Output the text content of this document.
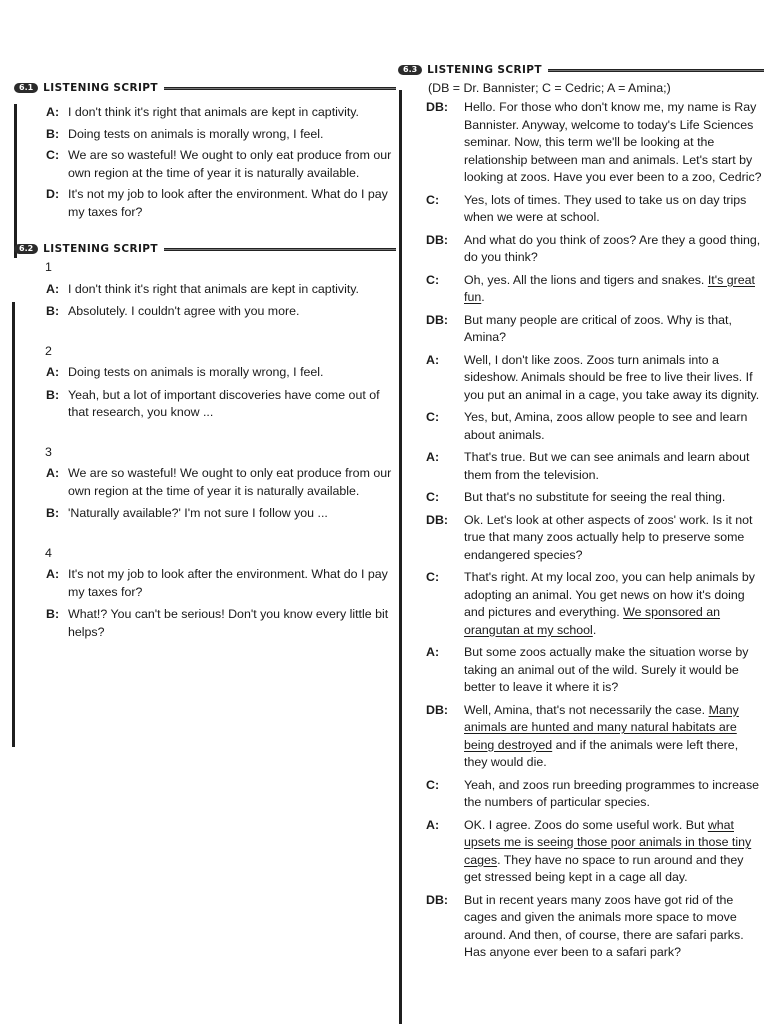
6.1 LISTENING SCRIPT
A: I don't think it's right that animals are kept in captivity.
B: Doing tests on animals is morally wrong, I feel.
C: We are so wasteful! We ought to only eat produce from our own region at the time of year it is naturally available.
D: It's not my job to look after the environment. What do I pay my taxes for?
6.2 LISTENING SCRIPT
1
A: I don't think it's right that animals are kept in captivity.
B: Absolutely. I couldn't agree with you more.
2
A: Doing tests on animals is morally wrong, I feel.
B: Yeah, but a lot of important discoveries have come out of that research, you know ...
3
A: We are so wasteful! We ought to only eat produce from our own region at the time of year it is naturally available.
B: 'Naturally available?' I'm not sure I follow you ...
4
A: It's not my job to look after the environment. What do I pay my taxes for?
B: What!? You can't be serious! Don't you know every little bit helps?
6.3 LISTENING SCRIPT
(DB = Dr. Bannister; C = Cedric; A = Amina;)
DB:	Hello. For those who don't know me, my name is Ray Bannister. Anyway, welcome to today's Life Sciences seminar. Now, this term we'll be looking at the relationship between man and animals. Let's start by looking at zoos. Have you ever been to a zoo, Cedric?
C:	Yes, lots of times. They used to take us on day trips when we were at school.
DB:	And what do you think of zoos? Are they a good thing, do you think?
C:	Oh, yes. All the lions and tigers and snakes. It's great fun.
DB:	But many people are critical of zoos. Why is that, Amina?
A:	Well, I don't like zoos. Zoos turn animals into a sideshow. Animals should be free to live their lives. If you put an animal in a cage, you take away its dignity.
C:	Yes, but, Amina, zoos allow people to see and learn about animals.
A:	That's true. But we can see animals and learn about them from the television.
C:	But that's no substitute for seeing the real thing.
DB:	Ok. Let's look at other aspects of zoos' work. Is it not true that many zoos actually help to preserve some endangered species?
C:	That's right. At my local zoo, you can help animals by adopting an animal. You get news on how it's doing and pictures and everything. We sponsored an orangutan at my school.
A:	But some zoos actually make the situation worse by taking an animal out of the wild. Surely it would be better to leave it where it is?
DB:	Well, Amina, that's not necessarily the case. Many animals are hunted and many natural habitats are being destroyed and if the animals were left there, they would die.
C:	Yeah, and zoos run breeding programmes to increase the numbers of particular species.
A:	OK. I agree. Zoos do some useful work. But what upsets me is seeing those poor animals in those tiny cages. They have no space to run around and they get stressed being kept in a cage all day.
DB:	But in recent years many zoos have got rid of the cages and given the animals more space to move around. And then, of course, there are safari parks. Has anyone ever been to a safari park?
